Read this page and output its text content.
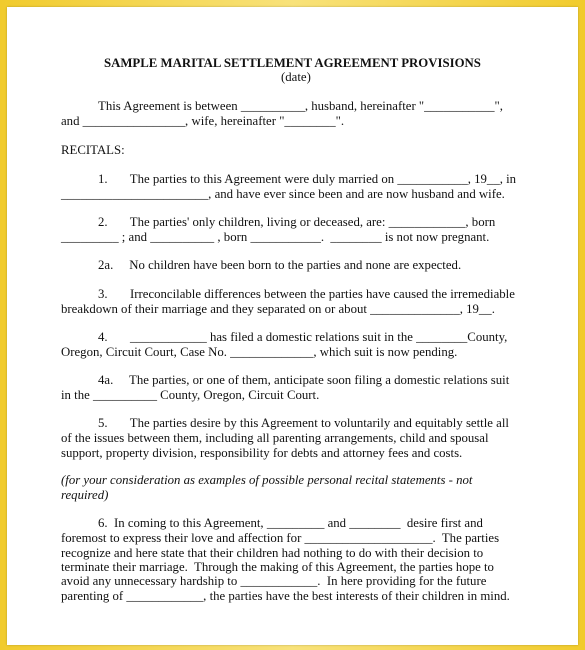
SAMPLE MARITAL SETTLEMENT AGREEMENT PROVISIONS
(date)
This Agreement is between __________, husband, hereinafter "___________",
and ________________, wife, hereinafter "________".
RECITALS:
1.       The parties to this Agreement were duly married on ___________, 19__, in
_______________________, and have ever since been and are now husband and wife.
2.       The parties' only children, living or deceased, are: ____________, born
_________ ; and __________ , born ___________.  ________ is not now pregnant.
2a.     No children have been born to the parties and none are expected.
3.       Irreconcilable differences between the parties have caused the irremediable
breakdown of their marriage and they separated on or about ______________, 19__.
4.       ____________ has filed a domestic relations suit in the ________County,
Oregon, Circuit Court, Case No. _____________, which suit is now pending.
4a.     The parties, or one of them, anticipate soon filing a domestic relations suit
in the __________ County, Oregon, Circuit Court.
5.       The parties desire by this Agreement to voluntarily and equitably settle all
of the issues between them, including all parenting arrangements, child and spousal
support, property division, responsibility for debts and attorney fees and costs.
(for your consideration as examples of possible personal recital statements - not
required)
6.  In coming to this Agreement, _________ and ________  desire first and
foremost to express their love and affection for ____________________.  The parties
recognize and here state that their children had nothing to do with their decision to
terminate their marriage.  Through the making of this Agreement, the parties hope to
avoid any unnecessary hardship to ____________.  In here providing for the future
parenting of ____________, the parties have the best interests of their children in mind.
